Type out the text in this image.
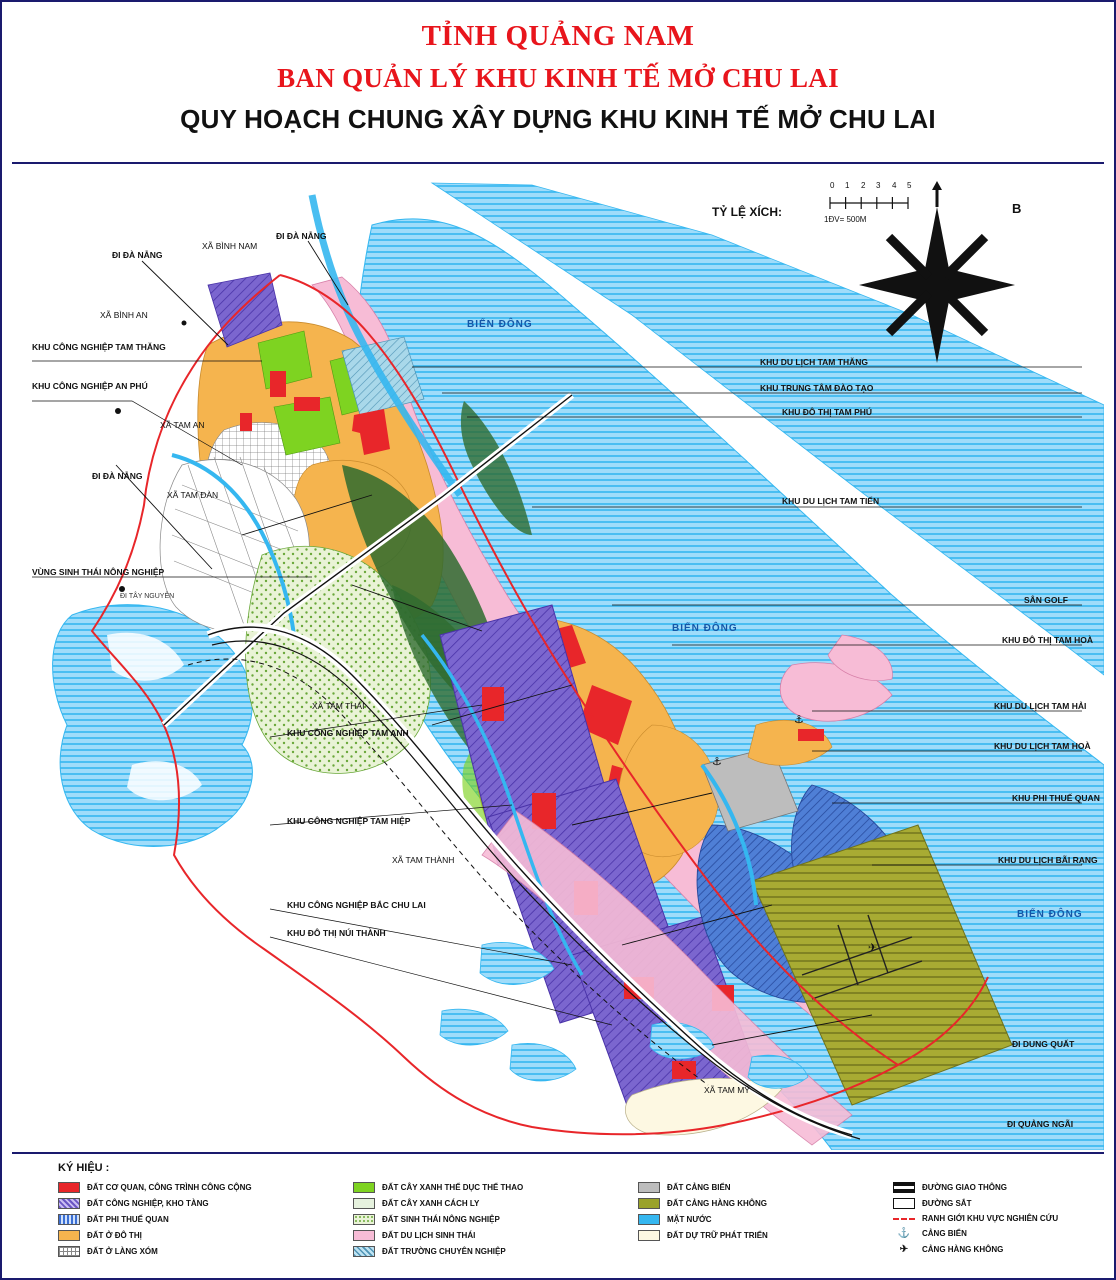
TỈNH QUẢNG NAM
BAN QUẢN LÝ KHU KINH TẾ MỞ CHU LAI
QUY HOẠCH CHUNG XÂY DỰNG KHU KINH TẾ MỞ CHU LAI
⚓
⚓
✈
TỶ LỆ XÍCH:
0 1 2 3 4 5
1ĐV= 500M
B
BIỂN ĐÔNG
BIỂN ĐÔNG
BIỂN ĐÔNG
XÃ BÌNH NAM
XÃ BÌNH AN
XÃ TAM AN
XÃ TAM ĐÀN
XÃ TAM THÁI
XÃ TAM THÀNH
XÃ TAM MỸ
ĐI ĐÀ NẴNG
ĐI ĐÀ NẴNG
ĐI ĐÀ NẴNG
ĐI TÂY NGUYÊN
ĐI DUNG QUẤT
ĐI QUẢNG NGÃI
KHU CÔNG NGHIỆP TAM THĂNG
KHU CÔNG NGHIỆP AN PHÚ
VÙNG SINH THÁI NÔNG NGHIỆP
KHU CÔNG NGHIỆP TAM ANH
KHU CÔNG NGHIỆP TAM HIỆP
KHU CÔNG NGHIỆP BẮC CHU LAI
KHU ĐÔ THỊ NÚI THÀNH
KHU DU LỊCH TAM THĂNG
KHU TRUNG TÂM ĐÀO TẠO
KHU ĐÔ THỊ TAM PHÚ
KHU DU LỊCH TAM TIẾN
SÂN GOLF
KHU ĐÔ THỊ TAM HOÀ
KHU DU LỊCH TAM HẢI
KHU DU LỊCH TAM HOÀ
KHU PHI THUẾ QUAN
KHU DU LỊCH BÃI RẠNG
KÝ HIỆU :
ĐẤT CƠ QUAN, CÔNG TRÌNH CÔNG CỘNG
ĐẤT CÔNG NGHIỆP, KHO TÀNG
ĐẤT PHI THUẾ QUAN
ĐẤT Ở ĐÔ THỊ
ĐẤT Ở LÀNG XÓM
ĐẤT CÂY XANH THỂ DỤC THỂ THAO
ĐẤT CÂY XANH CÁCH LY
ĐẤT SINH THÁI NÔNG NGHIỆP
ĐẤT DU LỊCH SINH THÁI
ĐẤT TRƯỜNG CHUYÊN NGHIỆP
ĐẤT CẢNG BIỂN
ĐẤT CẢNG HÀNG KHÔNG
MẶT NƯỚC
ĐẤT DỰ TRỮ PHÁT TRIỂN
ĐƯỜNG GIAO THÔNG
ĐƯỜNG SẮT
RANH GIỚI KHU VỰC NGHIÊN CỨU
⚓	CẢNG BIỂN
✈	CẢNG HÀNG KHÔNG
